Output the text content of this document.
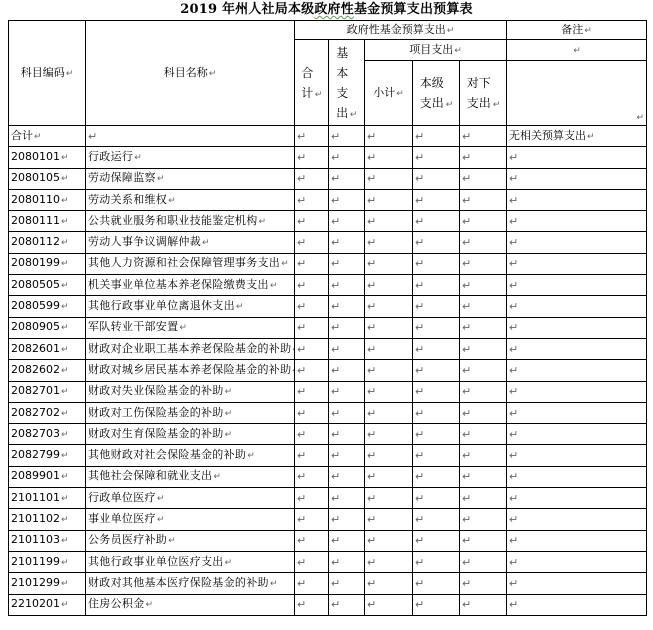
2019 年州人社局本级政府性基金预算支出预算表
科目编码↵	科目名称↵	政府性基金预算支出↵					备注↵
		合计 ↵	基本支出 ↵	项目支出↵			↵
				小计↵	本级支出 ↵	对下支出 ↵	↵
合计↵	↵	↵	↵	↵	↵	↵	无相关预算支出↵
2080101↵	行政运行↵	↵	↵	↵	↵	↵	↵
2080105↵	劳动保障监察↵	↵	↵	↵	↵	↵	↵
2080110↵	劳动关系和维权↵	↵	↵	↵	↵	↵	↵
2080111↵	公共就业服务和职业技能鉴定机构↵	↵	↵	↵	↵	↵	↵
2080112↵	劳动人事争议调解仲裁↵	↵	↵	↵	↵	↵	↵
2080199↵	其他人力资源和社会保障管理事务支出↵	↵	↵	↵	↵	↵	↵
2080505↵	机关事业单位基本养老保险缴费支出↵	↵	↵	↵	↵	↵	↵
2080599↵	其他行政事业单位离退休支出↵	↵	↵	↵	↵	↵	↵
2080905↵	军队转业干部安置↵	↵	↵	↵	↵	↵	↵
2082601↵	财政对企业职工基本养老保险基金的补助	↵	↵	↵	↵	↵	↵
2082602↵	财政对城乡居民基本养老保险基金的补助	↵	↵	↵	↵	↵	↵
2082701↵	财政对失业保险基金的补助↵	↵	↵	↵	↵	↵	↵
2082702↵	财政对工伤保险基金的补助↵	↵	↵	↵	↵	↵	↵
2082703↵	财政对生育保险基金的补助↵	↵	↵	↵	↵	↵	↵
2082799↵	其他财政对社会保险基金的补助↵	↵	↵	↵	↵	↵	↵
2089901↵	其他社会保障和就业支出↵	↵	↵	↵	↵	↵	↵
2101101↵	行政单位医疗↵	↵	↵	↵	↵	↵	↵
2101102↵	事业单位医疗↵	↵	↵	↵	↵	↵	↵
2101103↵	公务员医疗补助↵	↵	↵	↵	↵	↵	↵
2101199↵	其他行政事业单位医疗支出↵	↵	↵	↵	↵	↵	↵
2101299↵	财政对其他基本医疗保险基金的补助↵	↵	↵	↵	↵	↵	↵
2210201↵	住房公积金↵	↵	↵	↵	↵	↵	↵
